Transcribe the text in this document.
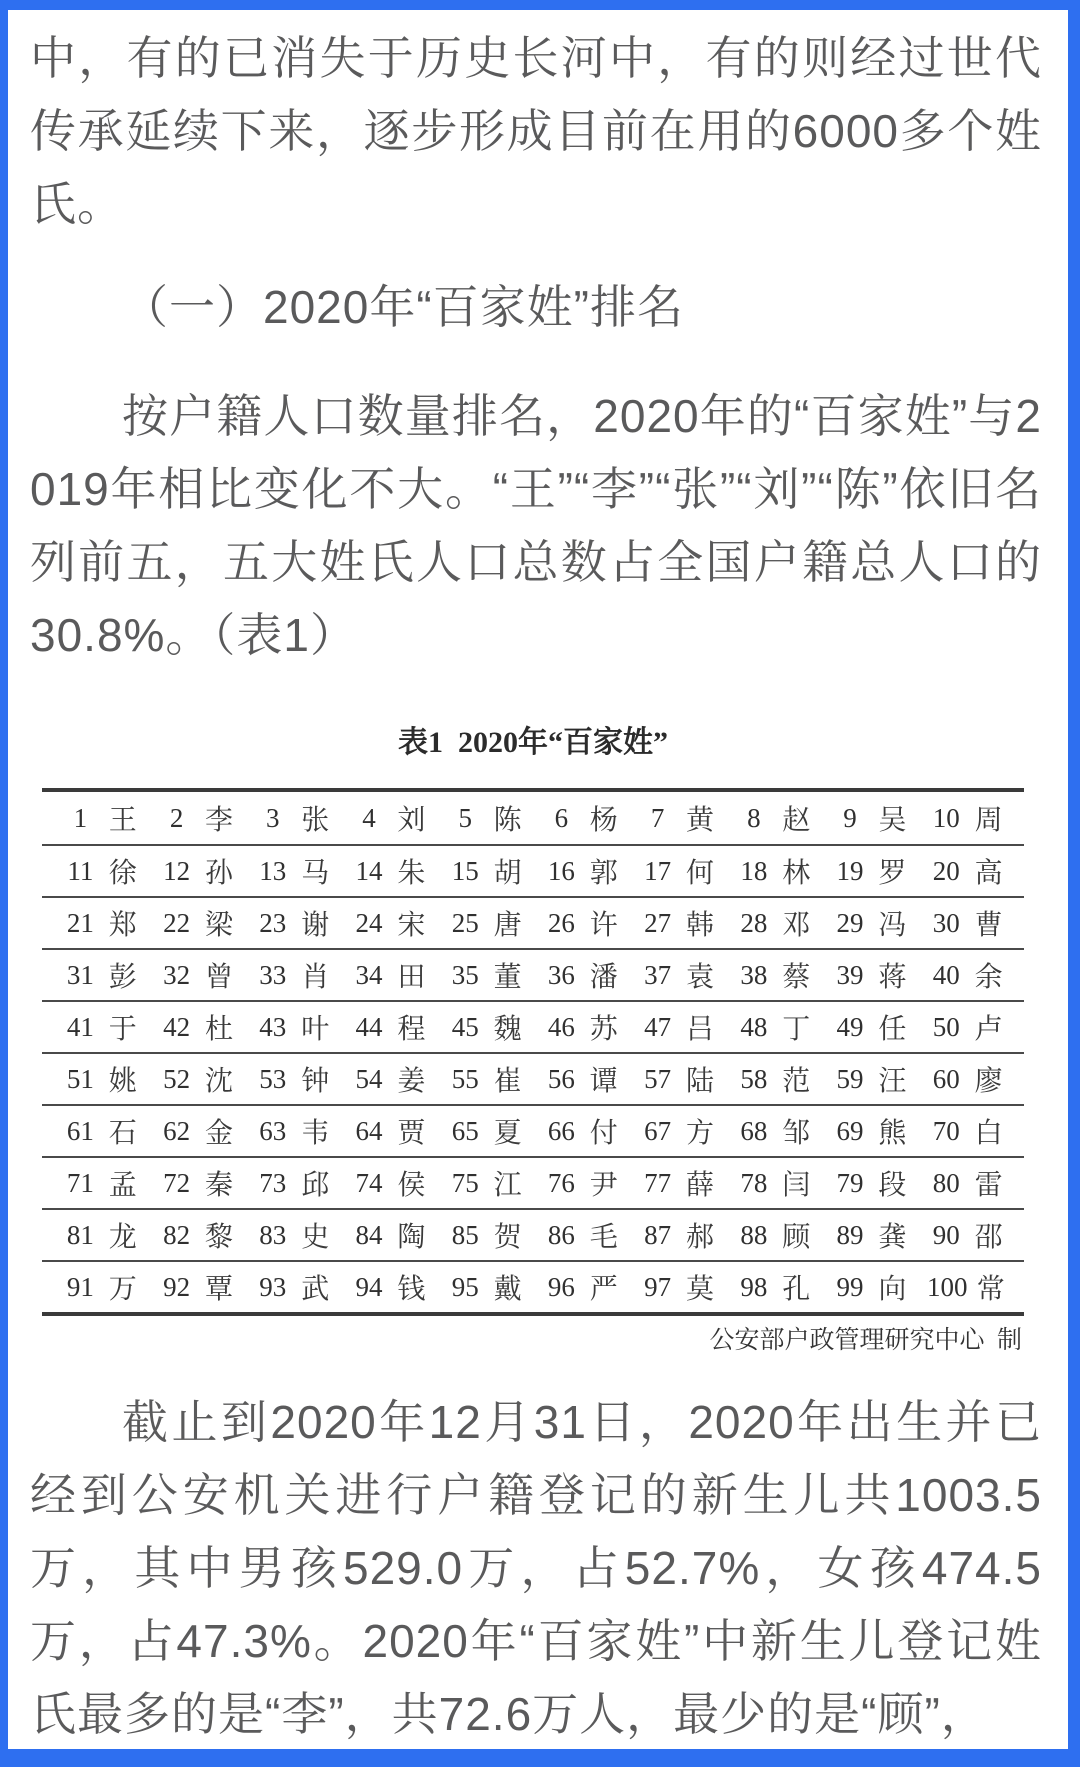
中，有的已消失于历史长河中，有的则经过世代传承延续下来，逐步形成目前在用的6000多个姓氏。

（一）2020年“百家姓”排名

按户籍人口数量排名，2020年的“百家姓”与2019年相比变化不大。“王”“李”“张”“刘”“陈”依旧名列前五，五大姓氏人口总数占全国户籍总人口的30.8%。（表1）

表1  2020年“百家姓”
1 王	2 李	3 张	4 刘	5 陈	6 杨	7 黄	8 赵	9 吴 10 周
11 徐 12 孙 13 马 14 朱 15 胡 16 郭 17 何 18 林 19 罗 20 高
21 郑 22 梁 23 谢 24 宋 25 唐 26 许 27 韩 28 邓 29 冯 30 曹
31 彭 32 曾 33 肖 34 田 35 董 36 潘 37 袁 38 蔡 39 蒋 40 余
41 于 42 杜 43 叶 44 程 45 魏 46 苏 47 吕 48 丁 49 任 50 卢
51 姚 52 沈 53 钟 54 姜 55 崔 56 谭 57 陆 58 范 59 汪 60 廖
61 石 62 金 63 韦 64 贾 65 夏 66 付 67 方 68 邹 69 熊 70 白
71 孟 72 秦 73 邱 74 侯 75 江 76 尹 77 薛 78 闫 79 段 80 雷
81 龙 82 黎 83 史 84 陶 85 贺 86 毛 87 郝 88 顾 89 龚 90 邵
91 万 92 覃 93 武 94 钱 95 戴 96 严 97 莫 98 孔 99 向 100 常
公安部户政管理研究中心  制

截止到2020年12月31日，2020年出生并已经到公安机关进行户籍登记的新生儿共1003.5万，其中男孩529.0万，占52.7%，女孩474.5万，占47.3%。2020年“百家姓”中新生儿登记姓氏最多的是“李”，共72.6万人，最少的是“顾”，
